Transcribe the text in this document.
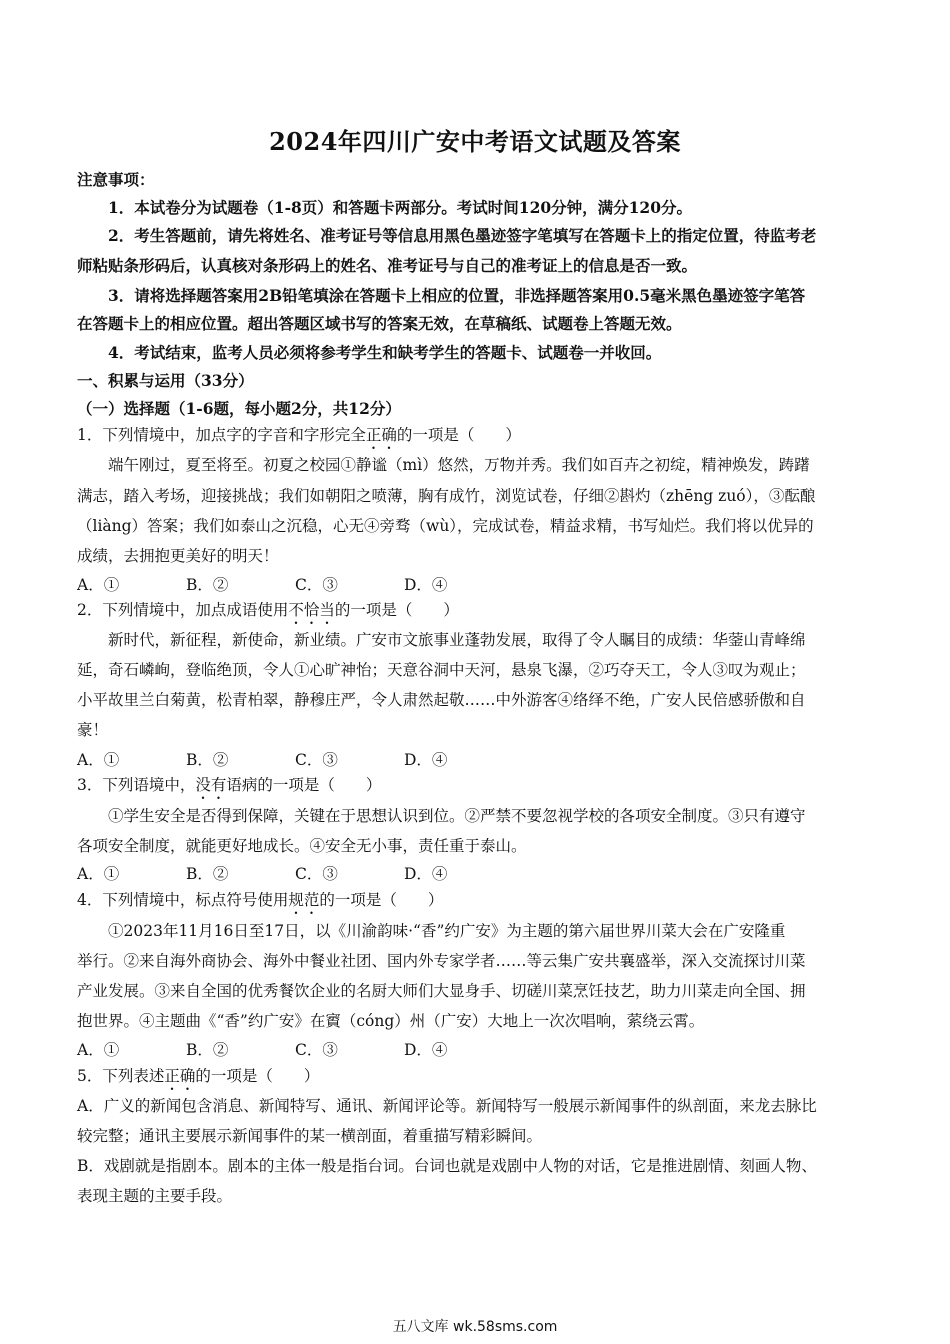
2024年四川广安中考语文试题及答案
注意事项：
1．本试卷分为试题卷（1-8页）和答题卡两部分。考试时间120分钟，满分120分。
2．考生答题前，请先将姓名、准考证号等信息用黑色墨迹签字笔填写在答题卡上的指定位置，待监考老
师粘贴条形码后，认真核对条形码上的姓名、准考证号与自己的准考证上的信息是否一致。
3．请将选择题答案用2B铅笔填涂在答题卡上相应的位置，非选择题答案用0.5毫米黑色墨迹签字笔答
在答题卡上的相应位置。超出答题区域书写的答案无效，在草稿纸、试题卷上答题无效。
4．考试结束，监考人员必须将参考学生和缺考学生的答题卡、试题卷一并收回。
一、积累与运用（33分）
（一）选择题（1-6题，每小题2分，共12分）
1．下列情境中，加点字的字音和字形完全正确的一项是（　　）
端午刚过，夏至将至。初夏之校园①静谧（mì）悠然，万物并秀。我们如百卉之初绽，精神焕发，踌躇
满志，踏入考场，迎接挑战；我们如朝阳之喷薄，胸有成竹，浏览试卷，仔细②斟灼（zhēng zuó），③酝酿
（liàng）答案；我们如泰山之沉稳，心无④旁骛（wù），完成试卷，精益求精，书写灿烂。我们将以优异的
成绩，去拥抱更美好的明天！
A．①	B．②	C．③	D．④
2．下列情境中，加点成语使用不恰当的一项是（　　）
新时代，新征程，新使命，新业绩。广安市文旅事业蓬勃发展，取得了令人瞩目的成绩：华蓥山青峰绵
延，奇石嶙峋，登临绝顶，令人①心旷神怡；天意谷洞中天河，悬泉飞瀑，②巧夺天工，令人③叹为观止；
小平故里兰白菊黄，松青柏翠，静穆庄严，令人肃然起敬……中外游客④络绎不绝，广安人民倍感骄傲和自
豪！
A．①	B．②	C．③	D．④
3．下列语境中，没有语病的一项是（　　）
①学生安全是否得到保障，关键在于思想认识到位。②严禁不要忽视学校的各项安全制度。③只有遵守
各项安全制度，就能更好地成长。④安全无小事，责任重于泰山。
A．①	B．②	C．③	D．④
4．下列情境中，标点符号使用规范的一项是（　　）
①2023年11月16日至17日，以《川渝韵味·“香”约广安》为主题的第六届世界川菜大会在广安隆重
举行。②来自海外商协会、海外中餐业社团、国内外专家学者……等云集广安共襄盛举，深入交流探讨川菜
产业发展。③来自全国的优秀餐饮企业的名厨大师们大显身手、切磋川菜烹饪技艺，助力川菜走向全国、拥
抱世界。④主题曲《“香”约广安》在賨（cóng）州（广安）大地上一次次唱响，萦绕云霄。
A．①	B．②	C．③	D．④
5．下列表述正确的一项是（　　）
A．广义的新闻包含消息、新闻特写、通讯、新闻评论等。新闻特写一般展示新闻事件的纵剖面，来龙去脉比
较完整；通讯主要展示新闻事件的某一横剖面，着重描写精彩瞬间。
B．戏剧就是指剧本。剧本的主体一般是指台词。台词也就是戏剧中人物的对话，它是推进剧情、刻画人物、
表现主题的主要手段。
五八文库 wk.58sms.com
